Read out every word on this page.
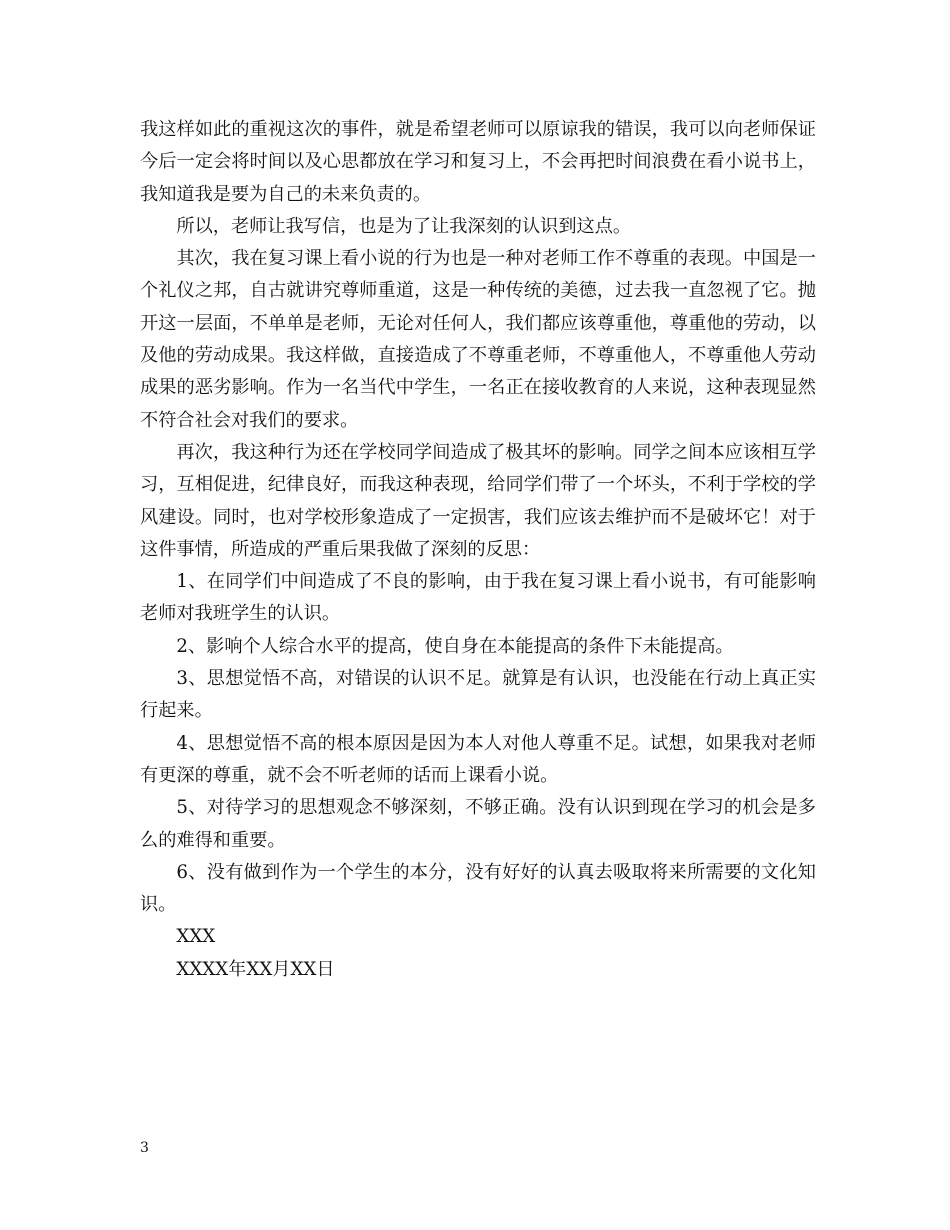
我这样如此的重视这次的事件，就是希望老师可以原谅我的错误，我可以向老师保证今后一定会将时间以及心思都放在学习和复习上，不会再把时间浪费在看小说书上，我知道我是要为自己的未来负责的。

所以，老师让我写信，也是为了让我深刻的认识到这点。

其次，我在复习课上看小说的行为也是一种对老师工作不尊重的表现。中国是一个礼仪之邦，自古就讲究尊师重道，这是一种传统的美德，过去我一直忽视了它。抛开这一层面，不单单是老师，无论对任何人，我们都应该尊重他，尊重他的劳动，以及他的劳动成果。我这样做，直接造成了不尊重老师，不尊重他人，不尊重他人劳动成果的恶劣影响。作为一名当代中学生，一名正在接收教育的人来说，这种表现显然不符合社会对我们的要求。

再次，我这种行为还在学校同学间造成了极其坏的影响。同学之间本应该相互学习，互相促进，纪律良好，而我这种表现，给同学们带了一个坏头，不利于学校的学风建设。同时，也对学校形象造成了一定损害，我们应该去维护而不是破坏它！对于这件事情，所造成的严重后果我做了深刻的反思：

1、在同学们中间造成了不良的影响，由于我在复习课上看小说书，有可能影响老师对我班学生的认识。

2、影响个人综合水平的提高，使自身在本能提高的条件下未能提高。

3、思想觉悟不高，对错误的认识不足。就算是有认识，也没能在行动上真正实行起来。

4、思想觉悟不高的根本原因是因为本人对他人尊重不足。试想，如果我对老师有更深的尊重，就不会不听老师的话而上课看小说。

5、对待学习的思想观念不够深刻，不够正确。没有认识到现在学习的机会是多么的难得和重要。

6、没有做到作为一个学生的本分，没有好好的认真去吸取将来所需要的文化知识。

XXX

XXXX年XX月XX日

3
